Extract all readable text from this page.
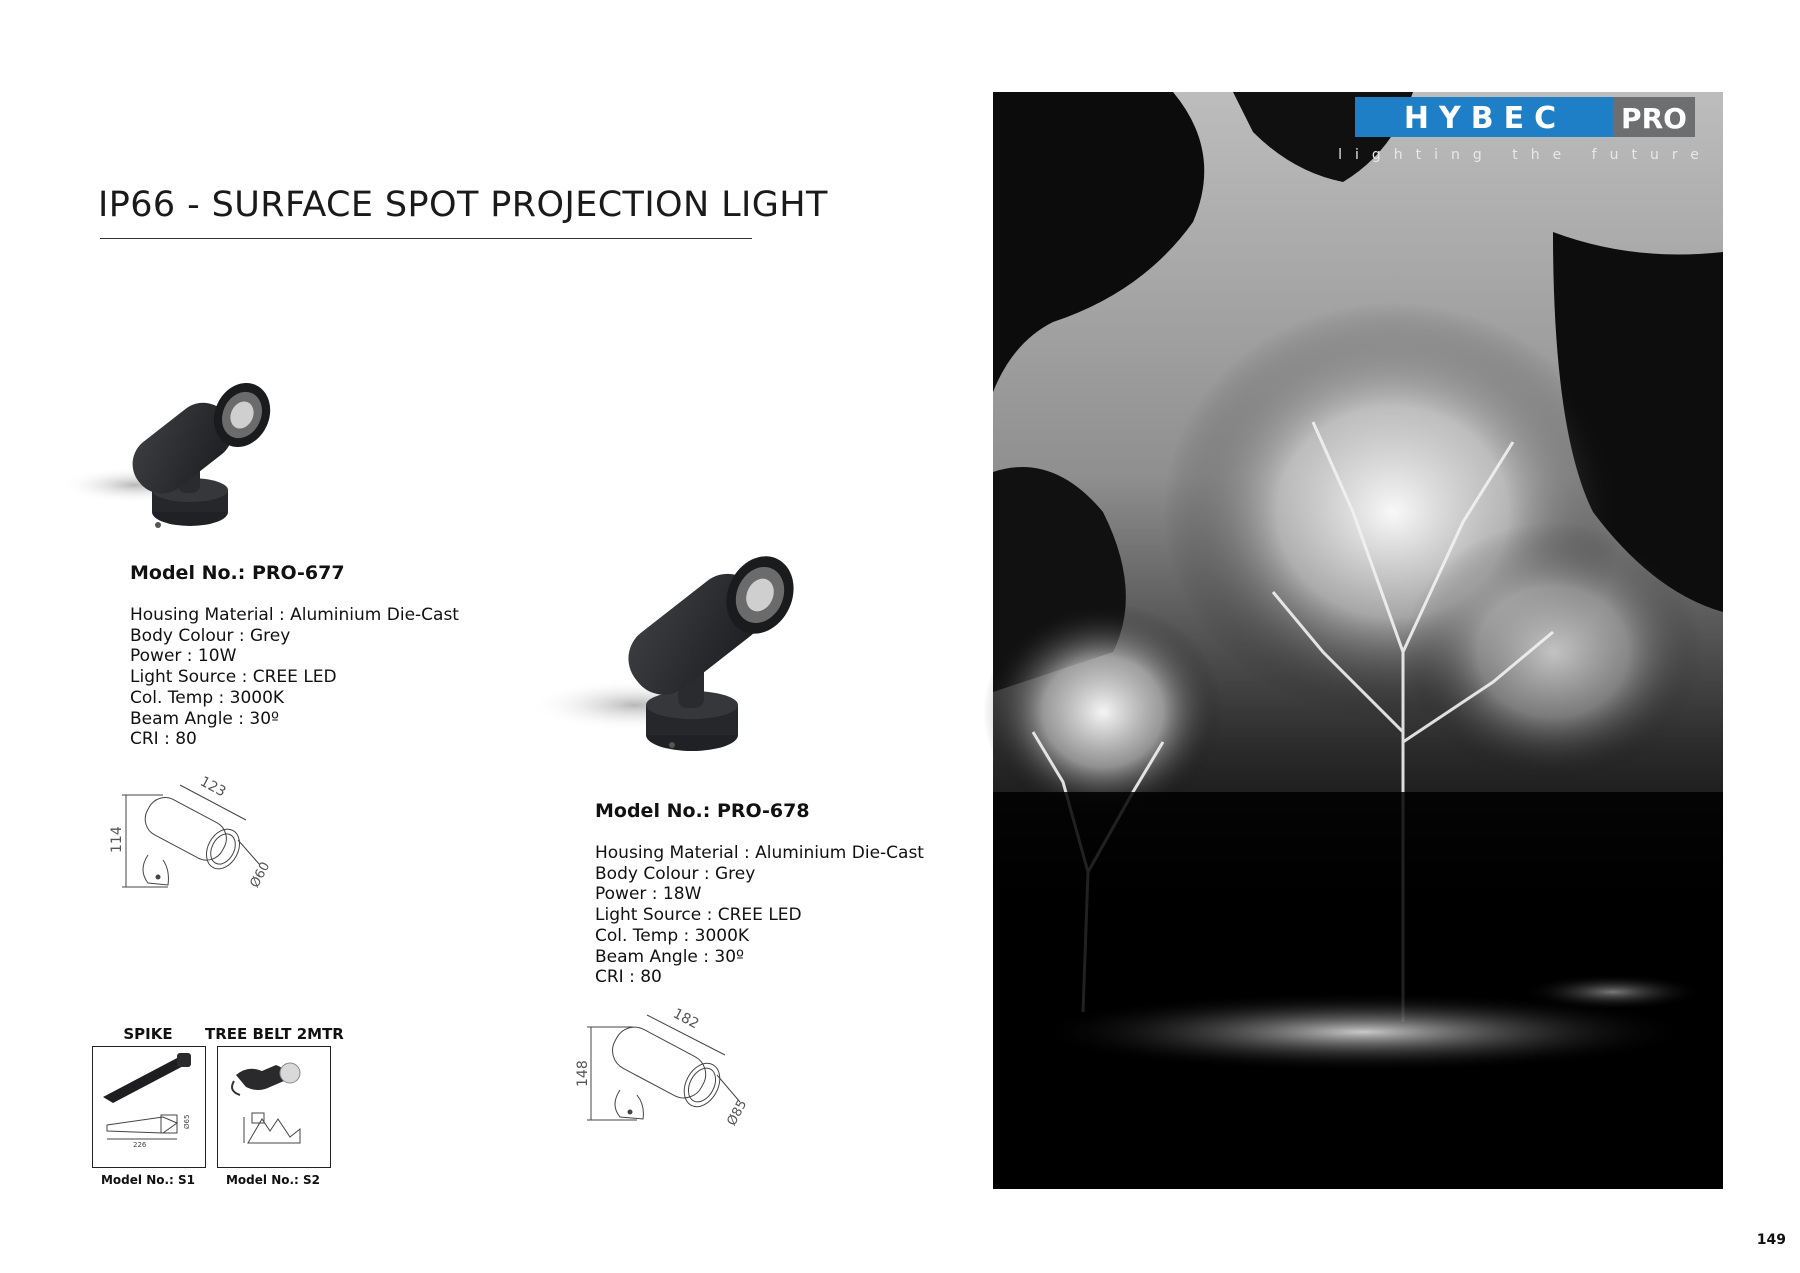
IP66 - SURFACE SPOT PROJECTION LIGHT
Model No.: PRO-677
Housing Material : Aluminium Die-Cast
Body Colour : Grey
Power : 10W
Light Source : CREE LED
Col. Temp : 3000K
Beam Angle : 30º
CRI : 80
114
123
Ø60
Model No.: PRO-678
Housing Material : Aluminium Die-Cast
Body Colour : Grey
Power : 18W
Light Source : CREE LED
Col. Temp : 3000K
Beam Angle : 30º
CRI : 80
148
182
Ø85
SPIKE	TREE BELT 2MTR
226
Ø65
Model No.: S1	Model No.: S2
HYBEC PRO
lighting the future
149
